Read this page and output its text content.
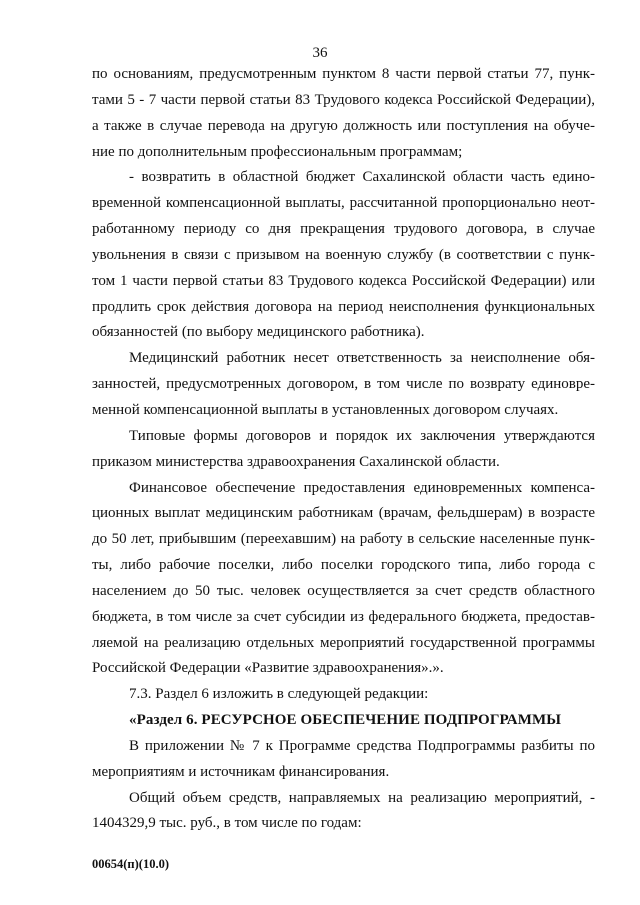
36
по основаниям, предусмотренным пунктом 8 части первой статьи 77, пунк-
тами 5 - 7 части первой статьи 83 Трудового кодекса Российской Федерации),
а также в случае перевода на другую должность или поступления на обуче-
ние по дополнительным профессиональным программам;
- возвратить в областной бюджет Сахалинской области часть едино-
временной компенсационной выплаты, рассчитанной пропорционально неот-
работанному периоду со дня прекращения трудового договора, в случае
увольнения в связи с призывом на военную службу (в соответствии с пунк-
том 1 части первой статьи 83 Трудового кодекса Российской Федерации) или
продлить срок действия договора на период неисполнения функциональных
обязанностей (по выбору медицинского работника).
Медицинский работник несет ответственность за неисполнение обя-
занностей, предусмотренных договором, в том числе по возврату единовре-
менной компенсационной выплаты в установленных договором случаях.
Типовые формы договоров и порядок их заключения утверждаются
приказом министерства здравоохранения Сахалинской области.
Финансовое обеспечение предоставления единовременных компенса-
ционных выплат медицинским работникам (врачам, фельдшерам) в возрасте
до 50 лет, прибывшим (переехавшим) на работу в сельские населенные пунк-
ты, либо рабочие поселки, либо поселки городского типа, либо города с
населением до 50 тыс. человек осуществляется за счет средств областного
бюджета, в том числе за счет субсидии из федерального бюджета, предостав-
ляемой на реализацию отдельных мероприятий государственной программы
Российской Федерации «Развитие здравоохранения».».
7.3. Раздел 6 изложить в следующей редакции:
«Раздел 6. РЕСУРСНОЕ ОБЕСПЕЧЕНИЕ ПОДПРОГРАММЫ
В приложении № 7 к Программе средства Подпрограммы разбиты по
мероприятиям и источникам финансирования.
Общий объем средств, направляемых на реализацию мероприятий, -
1404329,9 тыс. руб., в том числе по годам:
00654(п)(10.0)
